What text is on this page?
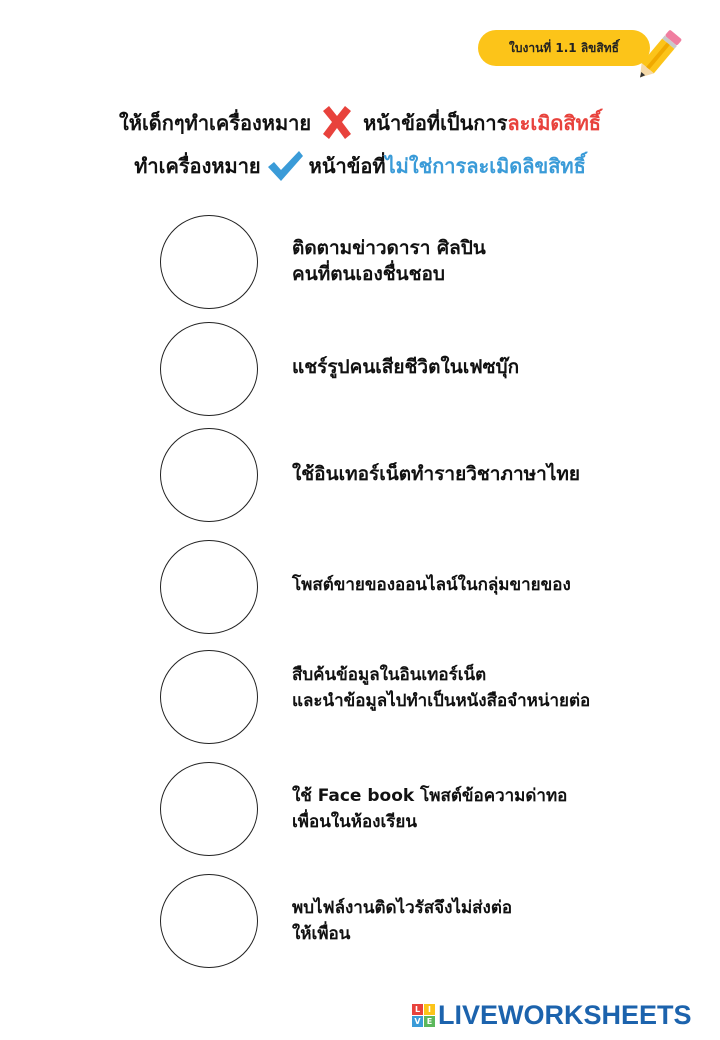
ใบงานที่ 1.1 ลิขสิทธิ์
ให้เด็กๆทำเครื่องหมาย	หน้าข้อที่เป็นการ ละเมิดสิทธิ์
ทำเครื่องหมาย หน้าข้อที่ ไม่ใช่การละเมิดลิขสิทธิ์
ติดตามข่าวดารา ศิลปิน
คนที่ตนเองชื่นชอบ
แชร์รูปคนเสียชีวิตในเฟซบุ๊ก
ใช้อินเทอร์เน็ตทำรายวิชาภาษาไทย
โพสต์ขายของออนไลน์ในกลุ่มขายของ
สืบค้นข้อมูลในอินเทอร์เน็ต
และนำข้อมูลไปทำเป็นหนังสือจำหน่ายต่อ
ใช้ Face book โพสต์ข้อความด่าทอ
เพื่อนในห้องเรียน
พบไฟล์งานติดไวรัสจึงไม่ส่งต่อ
ให้เพื่อน
L I
V E LIVEWORKSHEETS
